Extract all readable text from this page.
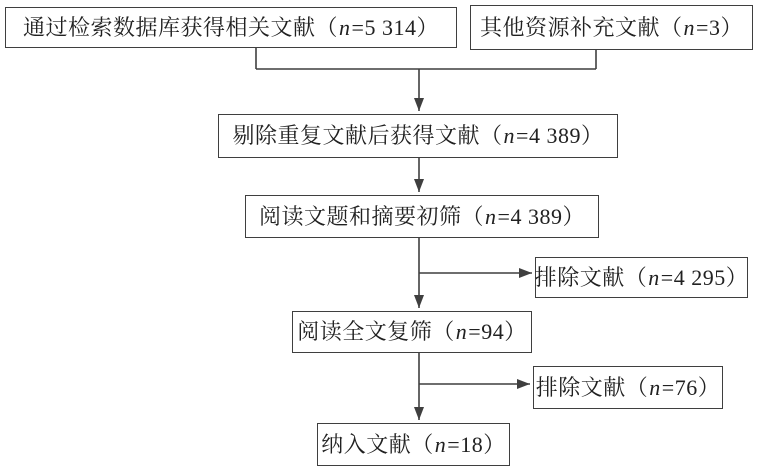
通过检索数据库获得相关文献（ n =5 314） 其他资源补充文献（ n =3）
剔除重复文献后获得文献（ n =4 389）
阅读文题和摘要初筛（ n =4 389）
排除文献（ n =4 295）
阅读全文复筛（ n =94）
排除文献（ n =76）
纳入文献（ n =18）
